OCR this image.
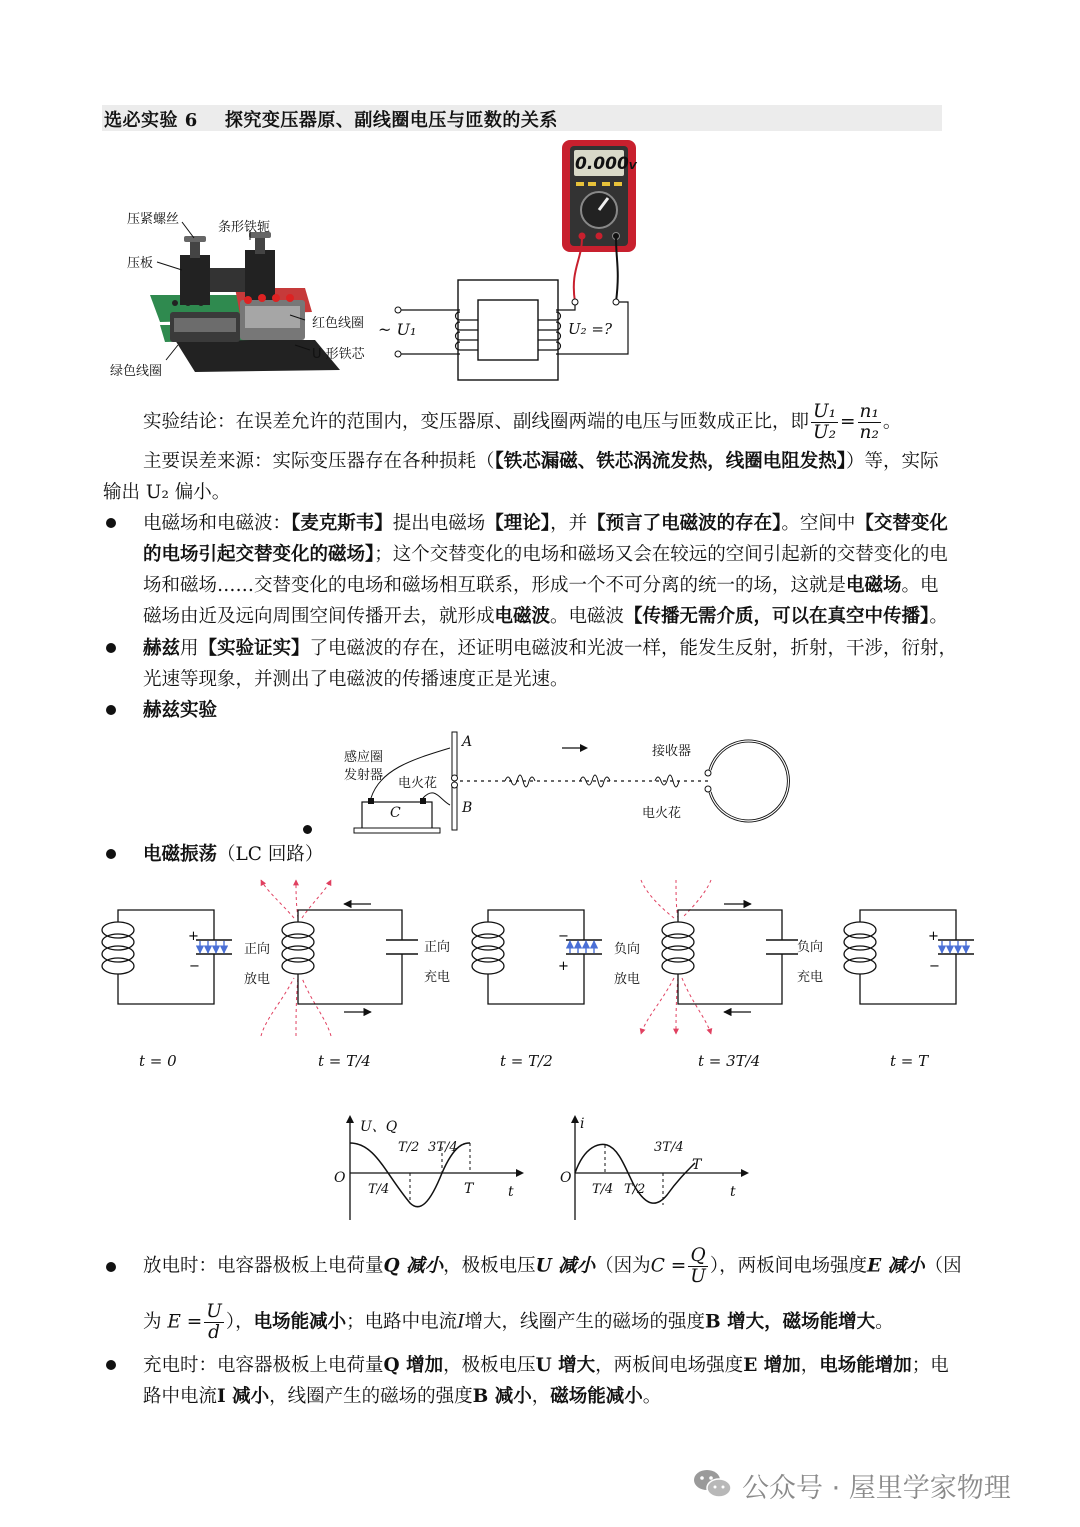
选必实验 6    探究变压器原、副线圈电压与匝数的关系
压紧螺丝
条形铁轭
压板
红色线圈
U 形铁芯
绿色线圈
0.000V
~ U₁	U₂ =?
实验结论：在误差允许的范围内，变压器原、副线圈两端的电压与匝数成正比，即 $\frac{\text{U₁}}{\text{U₂}} = \frac{\text{n₁}}{\text{n₂}}$ 。
主要误差来源：实际变压器存在各种损耗（【铁芯漏磁、铁芯涡流发热，线圈电阻发热】）等，实际
输出 U₂ 偏小。
电磁场和电磁波：【麦克斯韦】提出电磁场【理论】，并【预言了电磁波的存在】。空间中【交替变化
的电场引起交替变化的磁场】；这个交替变化的电场和磁场又会在较远的空间引起新的交替变化的电
场和磁场……交替变化的电场和磁场相互联系，形成一个不可分离的统一的场，这就是电磁场。电
磁场由近及远向周围空间传播开去，就形成电磁波。电磁波【传播无需介质，可以在真空中传播】。
赫兹用【实验证实】了电磁波的存在，还证明电磁波和光波一样，能发生反射，折射，干涉，衍射，
光速等现象，并测出了电磁波的传播速度正是光速。
赫兹实验
感应圈
发射器
电火花
A
B
C
接收器
电火花
电磁振荡（LC 回路）
+
−
−
+
+
−
正向
放电
正向
充电
负向
放电
负向
充电
t = 0	t = T/4	t = T/2	t = 3T/4	t = T
U、Q
O
t
T
T/2 3T/4
T/4
i
O
t
T
3T/4
T/4 T/2
放电时：电容器极板上电荷量Q 减小，极板电压U 减小（因为$C = \frac{Q}{U}$ ），两板间电场强度E 减小（因
为 $E = \frac{U}{d}$ ），电场能减小；电路中电流I增大，线圈产生的磁场的强度B 增大，磁场能增大。
充电时：电容器极板上电荷量Q 增加，极板电压U 增大，两板间电场强度E 增加，电场能增加；电
路中电流I 减小，线圈产生的磁场的强度B 减小，磁场能减小。
公众号 · 屋里学家物理
